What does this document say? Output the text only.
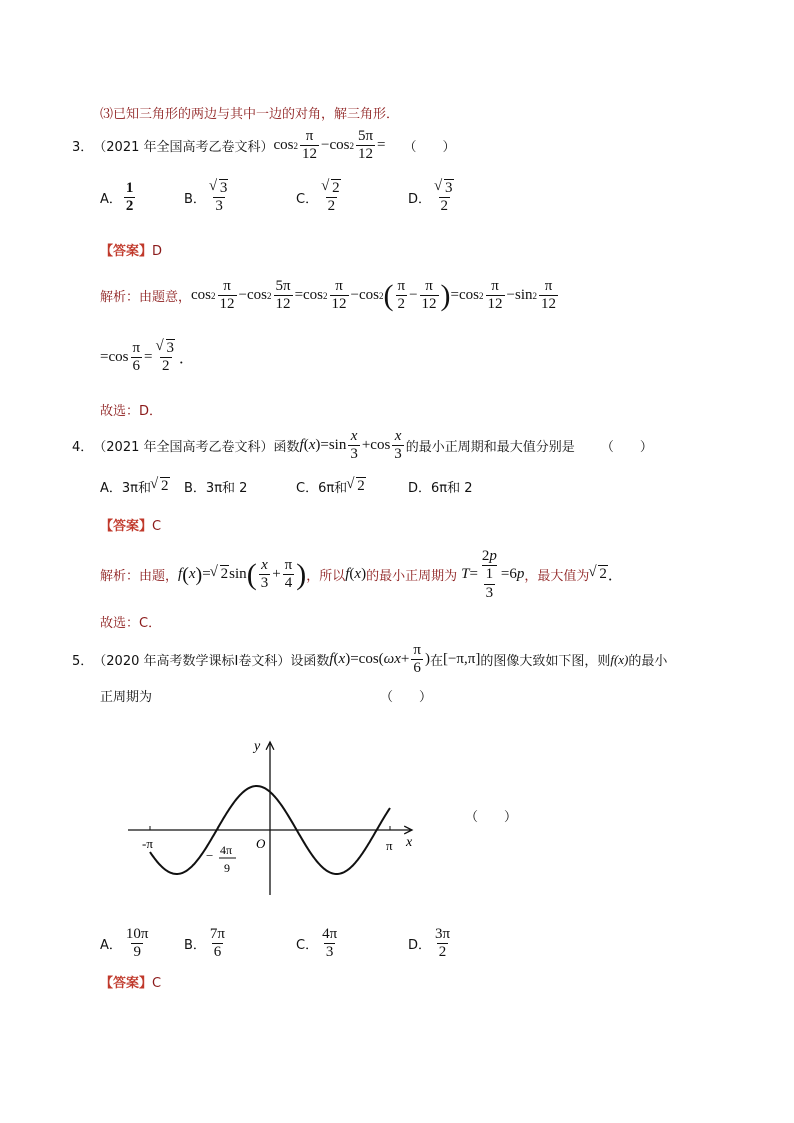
⑶已知三角形的两边与其中一边的对角，解三角形．
3． （2021 年全国高考乙卷文科） $\cos 2 \frac{\pi}{12} -\cos$ $2 \frac{5\pi}{12}$ = （　　）
A． $\frac{1}{2}$	B． √ $\frac{3}{3}$	C． √ $\frac{2}{2}$	D． √ $\frac{3}{2}$
【答案】D
解析：由题意， $\cos 2 \frac{\pi}{12} -\cos$ $2 \frac{5\pi}{12} =\cos$ $2 \frac{\pi}{12} -\cos$ 2 ( $\frac{\pi}{2} - \frac{\pi}{12}$ ) =cos $2 \frac{\pi}{12} -\sin$ $2 \frac{\pi}{12}$
$=\cos \frac{\pi}{6}$ = √ $\frac{3}{2}$ ．
故选：D．
4． （2021 年全国高考乙卷文科） 函数 f ( x )$=\sin \frac{x}{3} +\cos \frac{x}{3}$ 的最小正周期和最大值分别是 （　　）
A．3π和 √ 2 B．3π和 2	C．6π和 √ 2	D．6π和 2
【答案】C
解析：由题， f ( x ) = √ 2 sin ( $\frac{x}{3} + \frac{\pi}{4}$ ) ，所以 f ( x ) 的最小正周期为 $T = \frac{2p}{\frac{1}{3}} =6$ p ，最大值为 √ 2 ．
故选：C．
5． （2020 年高考数学课标Ⅰ卷文科） 设函数 f ( x )=cos( $\omega x + \frac{\pi}{6}$ ) 在 [−π,π] 的图像大致如下图，则 f(x) 的最小
正周期为	（　　）
y
x
O
-π	π
− 4π
9
（　　）
A． $\frac{10\pi}{9}$	B． $\frac{7\pi}{6}$	C． $\frac{4\pi}{3}$	D． $\frac{3\pi}{2}$
【答案】C
